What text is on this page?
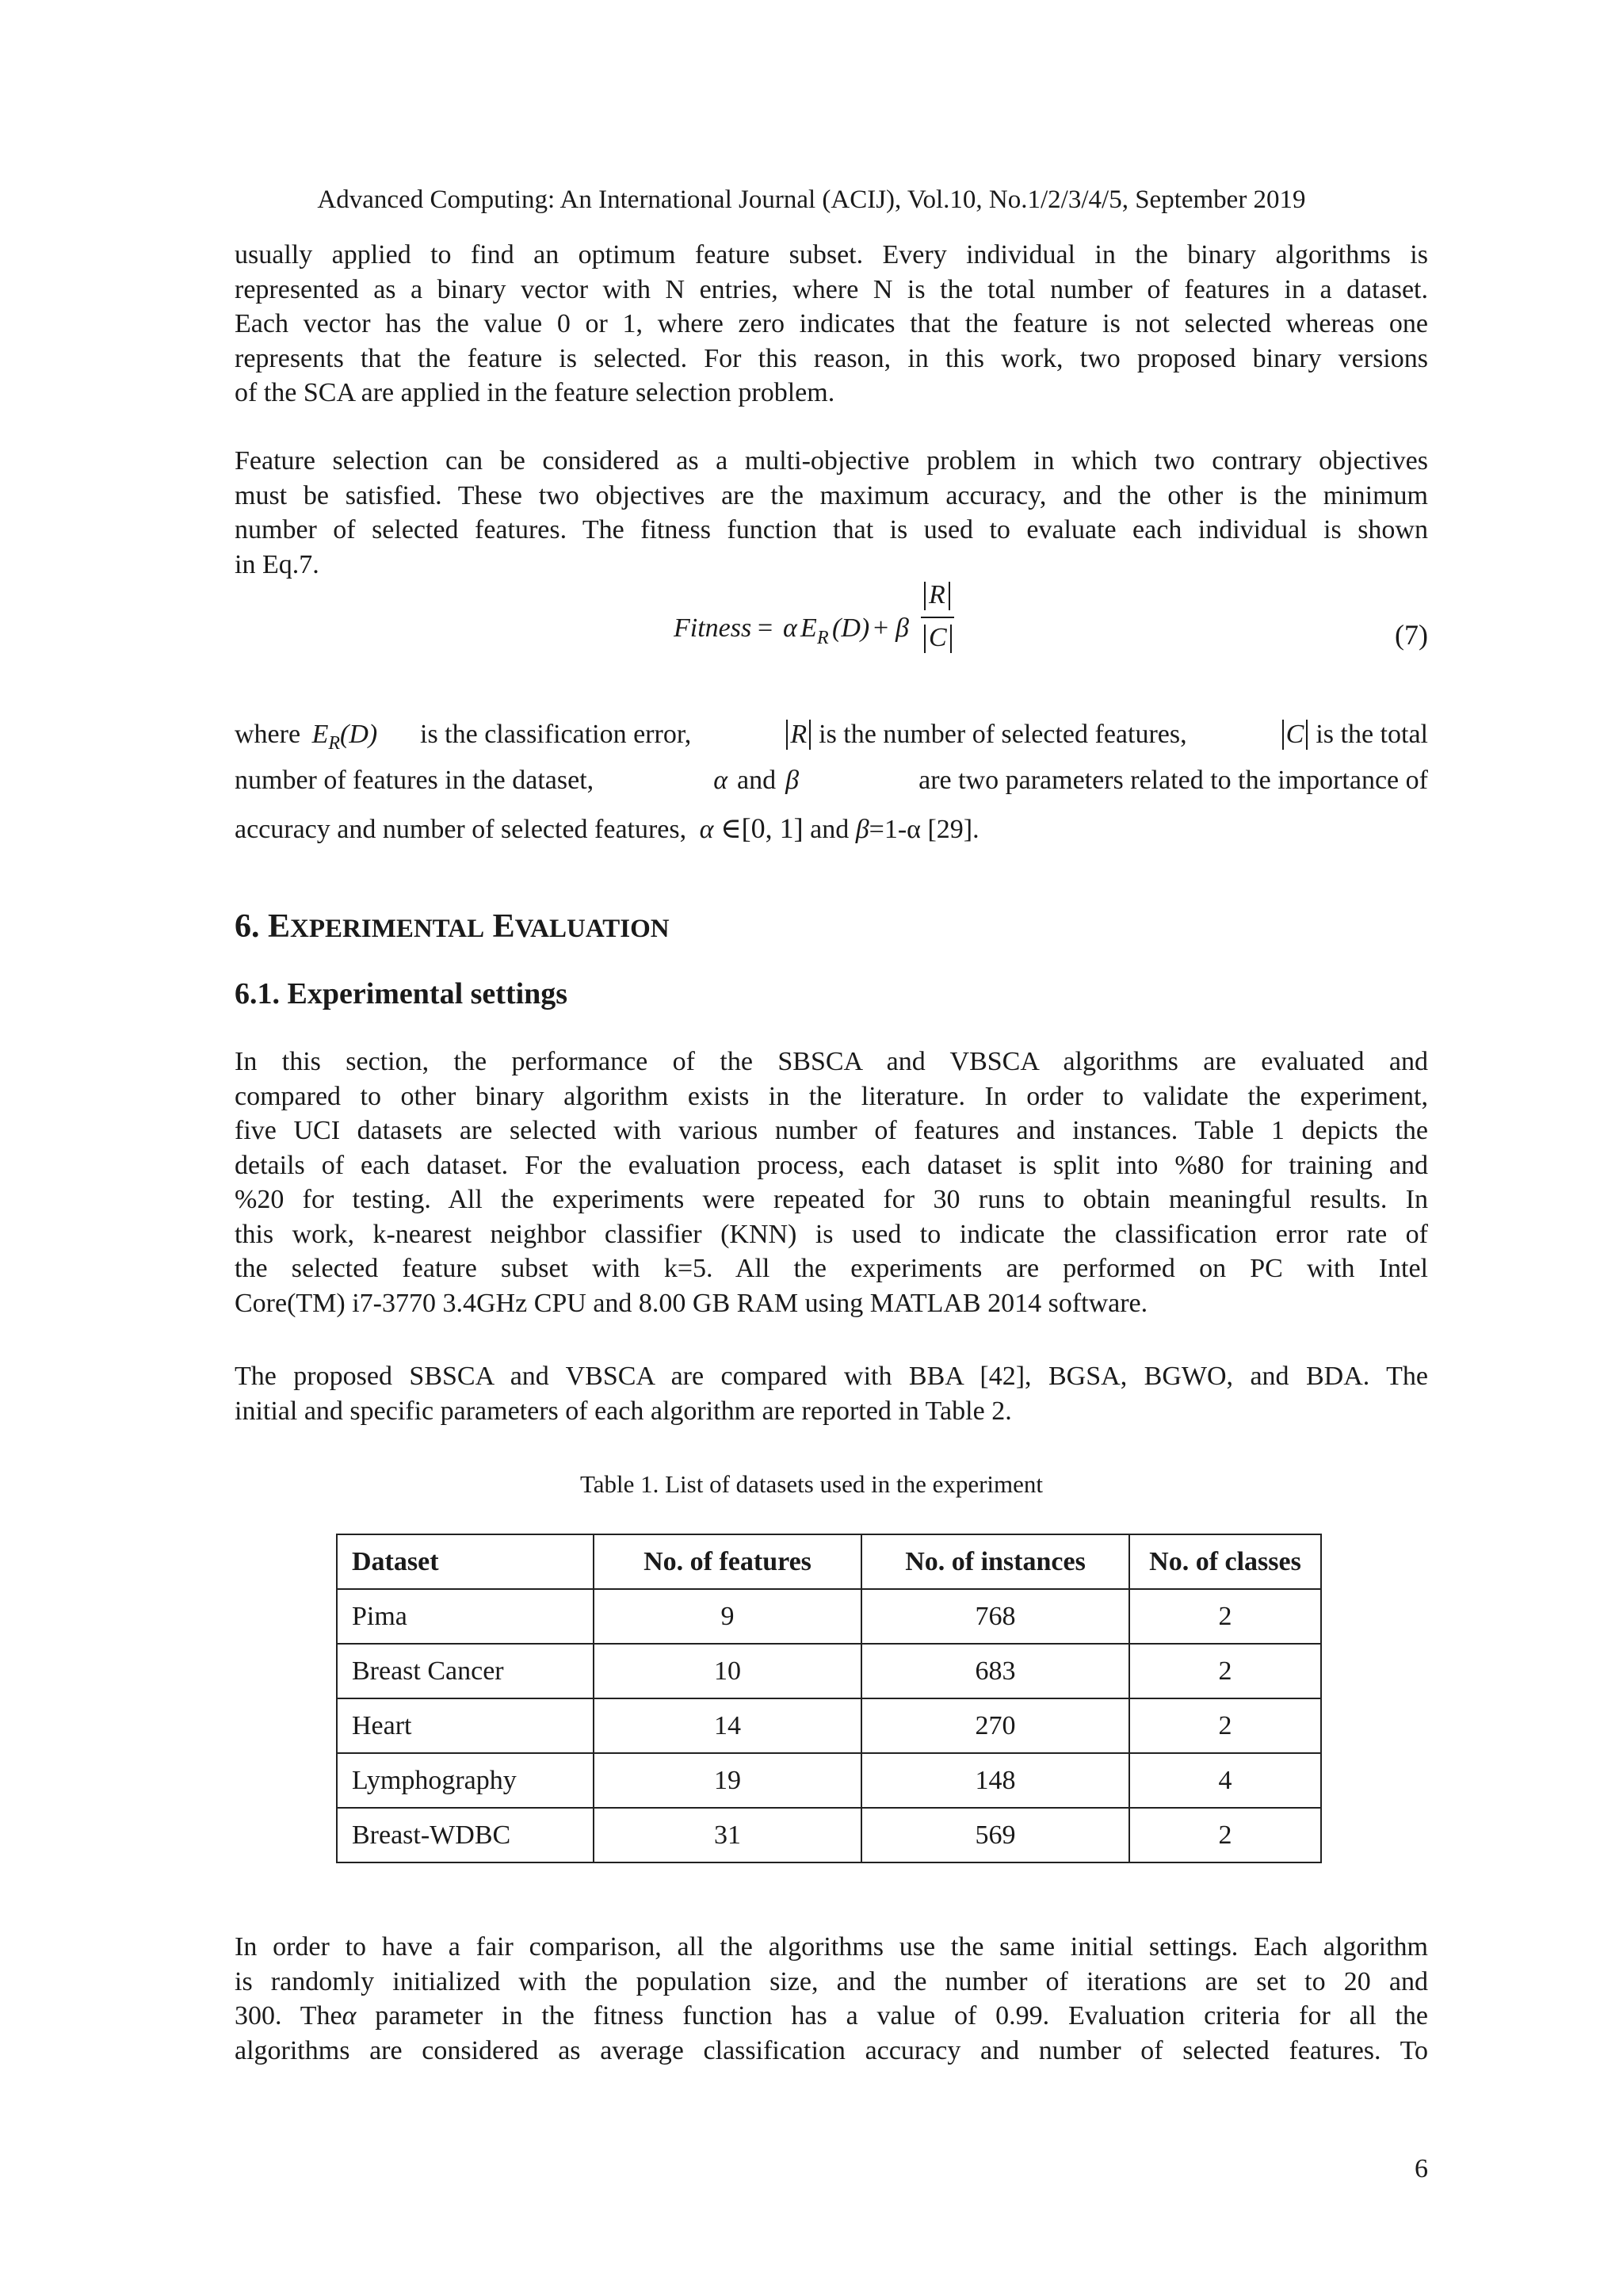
Advanced Computing: An International Journal (ACIJ), Vol.10, No.1/2/3/4/5, September 2019
usually applied to find an optimum feature subset. Every individual in the binary algorithms is
represented as a binary vector with N entries, where N is the total number of features in a dataset.
Each vector has the value 0 or 1, where zero indicates that the feature is not selected whereas one
represents that the feature is selected. For this reason, in this work, two proposed binary versions
of the SCA are applied in the feature selection problem.
Feature selection can be considered as a multi-objective problem in which two contrary objectives
must be satisfied. These two objectives are the maximum accuracy, and the other is the minimum
number of selected features. The fitness function that is used to evaluate each individual is shown
in Eq.7.
Fitness = α E R (D) + β
R
C	(7)
where $E_R(D)$ is the classification error,	R is the number of selected features,	C is the total
number of features in the dataset,	α and β	are two parameters related to the importance of
accuracy and number of selected features, α ∈[0, 1] and β=1-α [29].
6. EXPERIMENTAL EVALUATION
6.1. Experimental settings
In this section, the performance of the SBSCA and VBSCA algorithms are evaluated and
compared to other binary algorithm exists in the literature. In order to validate the experiment,
five UCI datasets are selected with various number of features and instances. Table 1 depicts the
details of each dataset. For the evaluation process, each dataset is split into %80 for training and
%20 for testing. All the experiments were repeated for 30 runs to obtain meaningful results. In
this work, k-nearest neighbor classifier (KNN) is used to indicate the classification error rate of
the selected feature subset with k=5. All the experiments are performed on PC with Intel
Core(TM) i7-3770 3.4GHz CPU and 8.00 GB RAM using MATLAB 2014 software.
The proposed SBSCA and VBSCA are compared with BBA [42], BGSA, BGWO, and BDA. The
initial and specific parameters of each algorithm are reported in Table 2.
Table 1. List of datasets used in the experiment
Dataset	No. of features	No. of instances	No. of classes
Pima	9	768	2
Breast Cancer	10	683	2
Heart	14	270	2
Lymphography	19	148	4
Breast-WDBC	31	569	2
In order to have a fair comparison, all the algorithms use the same initial settings. Each algorithm
is randomly initialized with the population size, and the number of iterations are set to 20 and
300. Theα parameter in the fitness function has a value of 0.99. Evaluation criteria for all the
algorithms are considered as average classification accuracy and number of selected features. To
6
